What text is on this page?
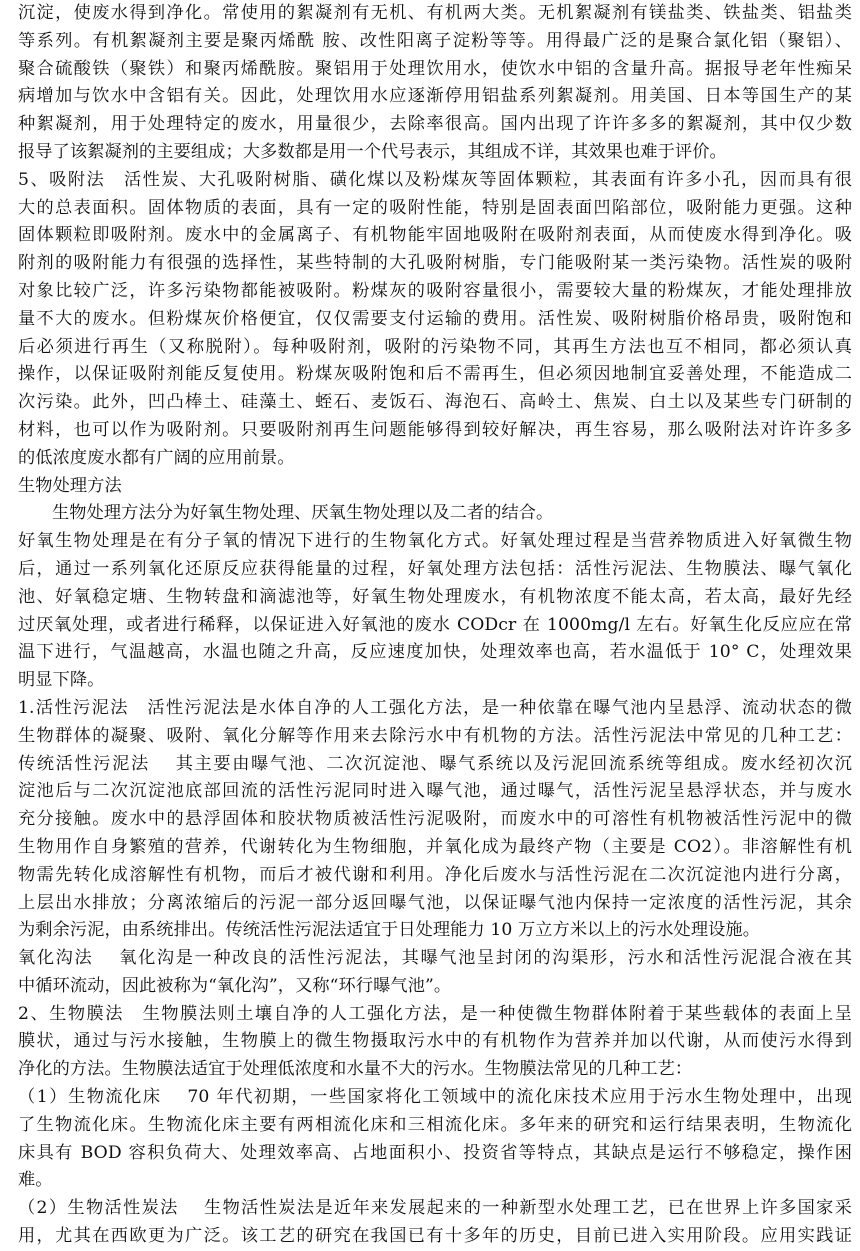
沉淀，使废水得到净化。常使用的絮凝剂有无机、有机两大类。无机絮凝剂有镁盐类、铁盐类、铝盐类
等系列。有机絮凝剂主要是聚丙烯酰 胺、改性阳离子淀粉等等。用得最广泛的是聚合氯化铝（聚铝）、
聚合硫酸铁（聚铁）和聚丙烯酰胺。聚铝用于处理饮用水，使饮水中铝的含量升高。据报导老年性痴呆
病增加与饮水中含铝有关。因此，处理饮用水应逐渐停用铝盐系列絮凝剂。用美国、日本等国生产的某
种絮凝剂，用于处理特定的废水，用量很少，去除率很高。国内出现了许许多多的絮凝剂，其中仅少数
报导了该絮凝剂的主要组成；大多数都是用一个代号表示，其组成不详，其效果也难于评价。
5、吸附法　活性炭、大孔吸附树脂、磺化煤以及粉煤灰等固体颗粒，其表面有许多小孔，因而具有很
大的总表面积。固体物质的表面，具有一定的吸附性能，特别是固表面凹陷部位，吸附能力更强。这种
固体颗粒即吸附剂。废水中的金属离子、有机物能牢固地吸附在吸附剂表面，从而使废水得到净化。吸
附剂的吸附能力有很强的选择性，某些特制的大孔吸附树脂，专门能吸附某一类污染物。活性炭的吸附
对象比较广泛，许多污染物都能被吸附。粉煤灰的吸附容量很小，需要较大量的粉煤灰，才能处理排放
量不大的废水。但粉煤灰价格便宜，仅仅需要支付运输的费用。活性炭、吸附树脂价格昂贵，吸附饱和
后必须进行再生（又称脱附）。每种吸附剂，吸附的污染物不同，其再生方法也互不相同，都必须认真
操作，以保证吸附剂能反复使用。粉煤灰吸附饱和后不需再生，但必须因地制宜妥善处理，不能造成二
次污染。此外，凹凸棒土、硅藻土、蛭石、麦饭石、海泡石、高岭土、焦炭、白土以及某些专门研制的
材料，也可以作为吸附剂。只要吸附剂再生问题能够得到较好解决，再生容易，那么吸附法对许许多多
的低浓度废水都有广阔的应用前景。
生物处理方法
生物处理方法分为好氧生物处理、厌氧生物处理以及二者的结合。
好氧生物处理是在有分子氧的情况下进行的生物氧化方式。好氧处理过程是当营养物质进入好氧微生物
后，通过一系列氧化还原反应获得能量的过程，好氧处理方法包括：活性污泥法、生物膜法、曝气氧化
池、好氧稳定塘、生物转盘和滴滤池等，好氧生物处理废水，有机物浓度不能太高，若太高，最好先经
过厌氧处理，或者进行稀释，以保证进入好氧池的废水 CODcr 在 1000mg/l 左右。好氧生化反应应在常
温下进行，气温越高，水温也随之升高，反应速度加快，处理效率也高，若水温低于 10° C，处理效果
明显下降。
1.活性污泥法　活性污泥法是水体自净的人工强化方法，是一种依靠在曝气池内呈悬浮、流动状态的微
生物群体的凝聚、吸附、氧化分解等作用来去除污水中有机物的方法。活性污泥法中常见的几种工艺：
传统活性污泥法　 其主要由曝气池、二次沉淀池、曝气系统以及污泥回流系统等组成。废水经初次沉
淀池后与二次沉淀池底部回流的活性污泥同时进入曝气池，通过曝气，活性污泥呈悬浮状态，并与废水
充分接触。废水中的悬浮固体和胶状物质被活性污泥吸附，而废水中的可溶性有机物被活性污泥中的微
生物用作自身繁殖的营养，代谢转化为生物细胞，并氧化成为最终产物（主要是 CO2）。非溶解性有机
物需先转化成溶解性有机物，而后才被代谢和利用。净化后废水与活性污泥在二次沉淀池内进行分离，
上层出水排放；分离浓缩后的污泥一部分返回曝气池，以保证曝气池内保持一定浓度的活性污泥，其余
为剩余污泥，由系统排出。传统活性污泥法适宜于日处理能力 10 万立方米以上的污水处理设施。
氧化沟法　 氧化沟是一种改良的活性污泥法，其曝气池呈封闭的沟渠形，污水和活性污泥混合液在其
中循环流动，因此被称为“氧化沟”，又称“环行曝气池”。
2、生物膜法　生物膜法则土壤自净的人工强化方法，是一种使微生物群体附着于某些载体的表面上呈
膜状，通过与污水接触，生物膜上的微生物摄取污水中的有机物作为营养并加以代谢，从而使污水得到
净化的方法。生物膜法适宜于处理低浓度和水量不大的污水。生物膜法常见的几种工艺：
（1）生物流化床　 70 年代初期，一些国家将化工领域中的流化床技术应用于污水生物处理中，出现
了生物流化床。生物流化床主要有两相流化床和三相流化床。多年来的研究和运行结果表明，生物流化
床具有 BOD 容积负荷大、处理效率高、占地面积小、投资省等特点，其缺点是运行不够稳定，操作困
难。
（2）生物活性炭法　 生物活性炭法是近年来发展起来的一种新型水处理工艺，已在世界上许多国家采
用，尤其在西欧更为广泛。该工艺的研究在我国已有十多年的历史，目前已进入实用阶段。应用实践证
